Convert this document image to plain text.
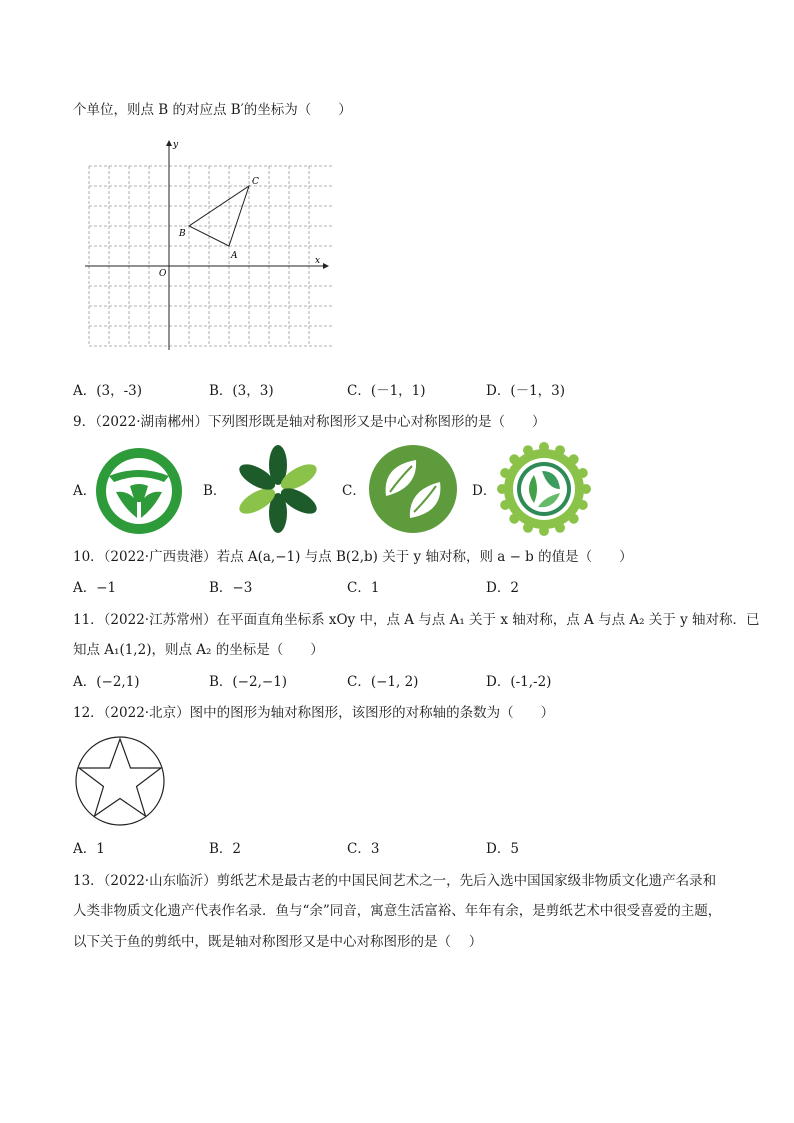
个单位，则点 B 的对应点 B′的坐标为（　　）
y
x
O
A
B
C
A．(3，-3)	B．(3，3)	C．(－1，1)	D．(－1，3)
9．（2022·湖南郴州）下列图形既是轴对称图形又是中心对称图形的是（　　）
A．	B．	C．	D．
10．（2022·广西贵港）若点 A(a,−1) 与点 B(2,b) 关于 y 轴对称，则 a − b 的值是（　　）
A．−1	B．−3	C．1	D．2
11．（2022·江苏常州）在平面直角坐标系 xOy 中，点 A 与点 A₁ 关于 x 轴对称，点 A 与点 A₂ 关于 y 轴对称．已
知点 A₁(1,2)，则点 A₂ 的坐标是（　　）
A．(−2,1)	B．(−2,−1)	C．(−1, 2)	D．(-1,-2)
12．（2022·北京）图中的图形为轴对称图形，该图形的对称轴的条数为（　　）
A．1	B．2	C．3	D．5
13．（2022·山东临沂）剪纸艺术是最古老的中国民间艺术之一，先后入选中国国家级非物质文化遗产名录和
人类非物质文化遗产代表作名录．鱼与“余”同音，寓意生活富裕、年年有余，是剪纸艺术中很受喜爱的主题，
以下关于鱼的剪纸中，既是轴对称图形又是中心对称图形的是（　 ）
